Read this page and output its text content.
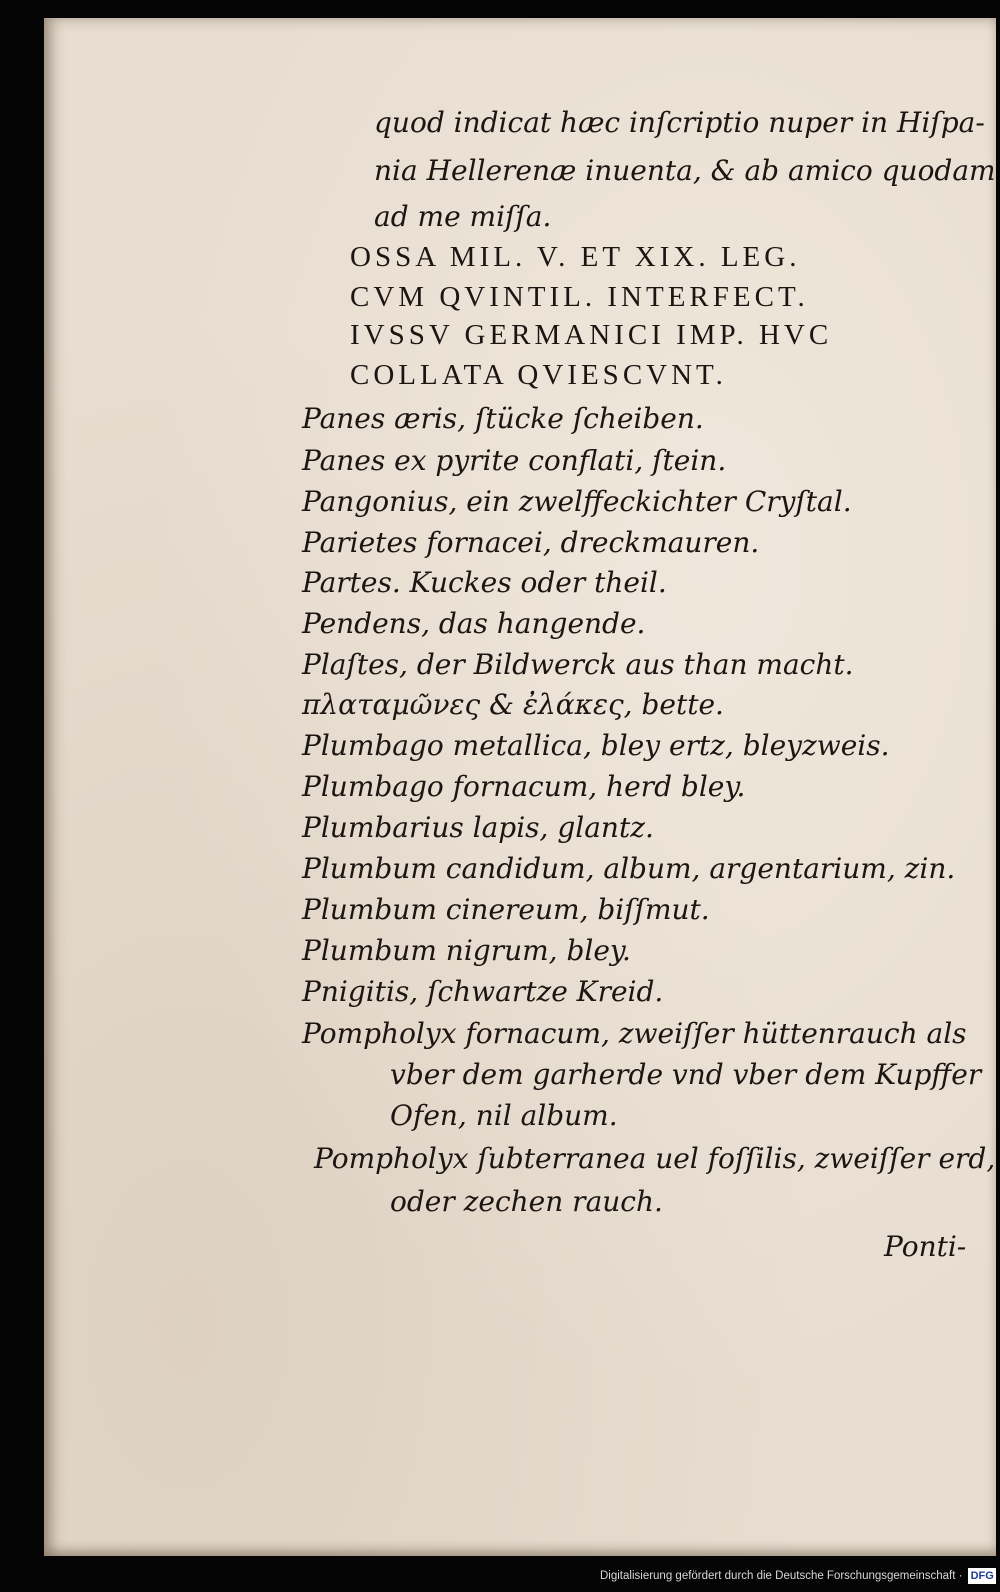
quod indicat hæc inſcriptio nuper in Hiſpa-
nia Hellerenæ inuenta, & ab amico quodam
ad me miſſa.
OSSA MIL. V. ET XIX. LEG.
CVM QVINTIL. INTERFECT.
IVSSV GERMANICI IMP. HVC
COLLATA QVIESCVNT.
Panes æris, ſtücke ſcheiben.
Panes ex pyrite conflati, ſtein.
Pangonius, ein zwelffeckichter Cryſtal.
Parietes fornacei, dreckmauren.
Partes. Kuckes oder theil.
Pendens, das hangende.
Plaſtes, der Bildwerck aus than macht.
πλαταμῶνες & ἐλάκες, bette.
Plumbago metallica, bley ertz, bleyzweis.
Plumbago fornacum, herd bley.
Plumbarius lapis, glantz.
Plumbum candidum, album, argentarium, zin.
Plumbum cinereum, biſſmut.
Plumbum nigrum, bley.
Pnigitis, ſchwartze Kreid.
Pompholyx fornacum, zweiſſer hüttenrauch als
vber dem garherde vnd vber dem Kupffer
Ofen, nil album.
Pompholyx ſubterranea uel foſſilis, zweiſſer erd,
oder zechen rauch.
Ponti-
Digitalisierung gefördert durch die Deutsche Forschungsgemeinschaft · DFG
